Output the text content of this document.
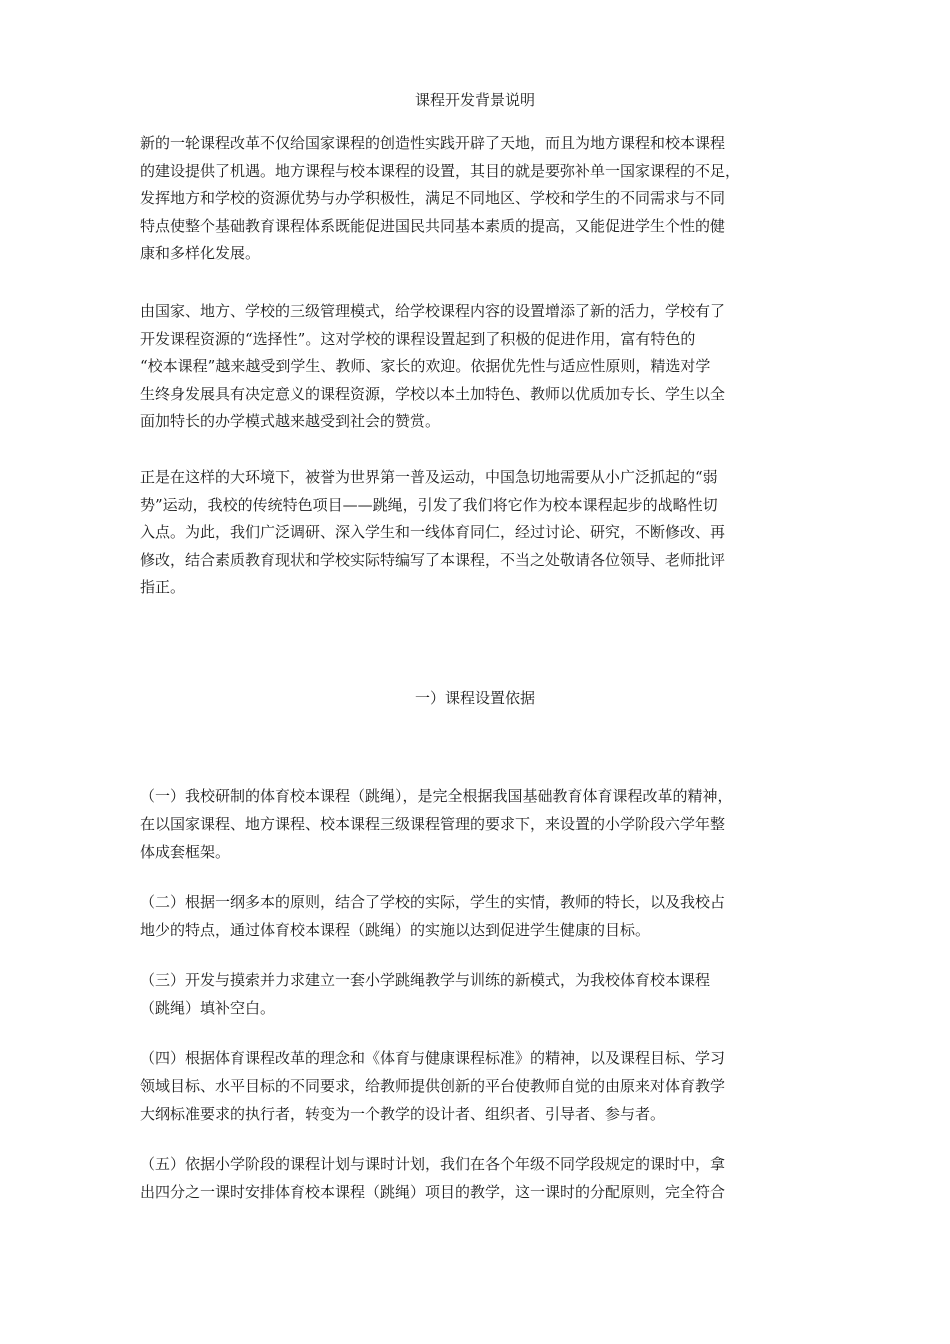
课程开发背景说明

新的一轮课程改革不仅给国家课程的创造性实践开辟了天地，而且为地方课程和校本课程
的建设提供了机遇。地方课程与校本课程的设置，其目的就是要弥补单一国家课程的不足，
发挥地方和学校的资源优势与办学积极性，满足不同地区、学校和学生的不同需求与不同
特点使整个基础教育课程体系既能促进国民共同基本素质的提高，又能促进学生个性的健
康和多样化发展。

由国家、地方、学校的三级管理模式，给学校课程内容的设置增添了新的活力，学校有了
开发课程资源的“选择性”。这对学校的课程设置起到了积极的促进作用，富有特色的
“校本课程”越来越受到学生、教师、家长的欢迎。依据优先性与适应性原则，精选对学
生终身发展具有决定意义的课程资源，学校以本土加特色、教师以优质加专长、学生以全
面加特长的办学模式越来越受到社会的赞赏。

正是在这样的大环境下，被誉为世界第一普及运动，中国急切地需要从小广泛抓起的“弱
势”运动，我校的传统特色项目——跳绳，引发了我们将它作为校本课程起步的战略性切
入点。为此，我们广泛调研、深入学生和一线体育同仁，经过讨论、研究，不断修改、再
修改，结合素质教育现状和学校实际特编写了本课程，不当之处敬请各位领导、老师批评
指正。

一）课程设置依据

（一）我校研制的体育校本课程（跳绳），是完全根据我国基础教育体育课程改革的精神，
在以国家课程、地方课程、校本课程三级课程管理的要求下，来设置的小学阶段六学年整
体成套框架。

（二）根据一纲多本的原则，结合了学校的实际，学生的实情，教师的特长，以及我校占
地少的特点，通过体育校本课程（跳绳）的实施以达到促进学生健康的目标。

（三）开发与摸索并力求建立一套小学跳绳教学与训练的新模式，为我校体育校本课程
（跳绳）填补空白。

（四）根据体育课程改革的理念和《体育与健康课程标准》的精神，以及课程目标、学习
领域目标、水平目标的不同要求，给教师提供创新的平台使教师自觉的由原来对体育教学
大纲标准要求的执行者，转变为一个教学的设计者、组织者、引导者、参与者。

（五）依据小学阶段的课程计划与课时计划，我们在各个年级不同学段规定的课时中，拿
出四分之一课时安排体育校本课程（跳绳）项目的教学，这一课时的分配原则，完全符合
